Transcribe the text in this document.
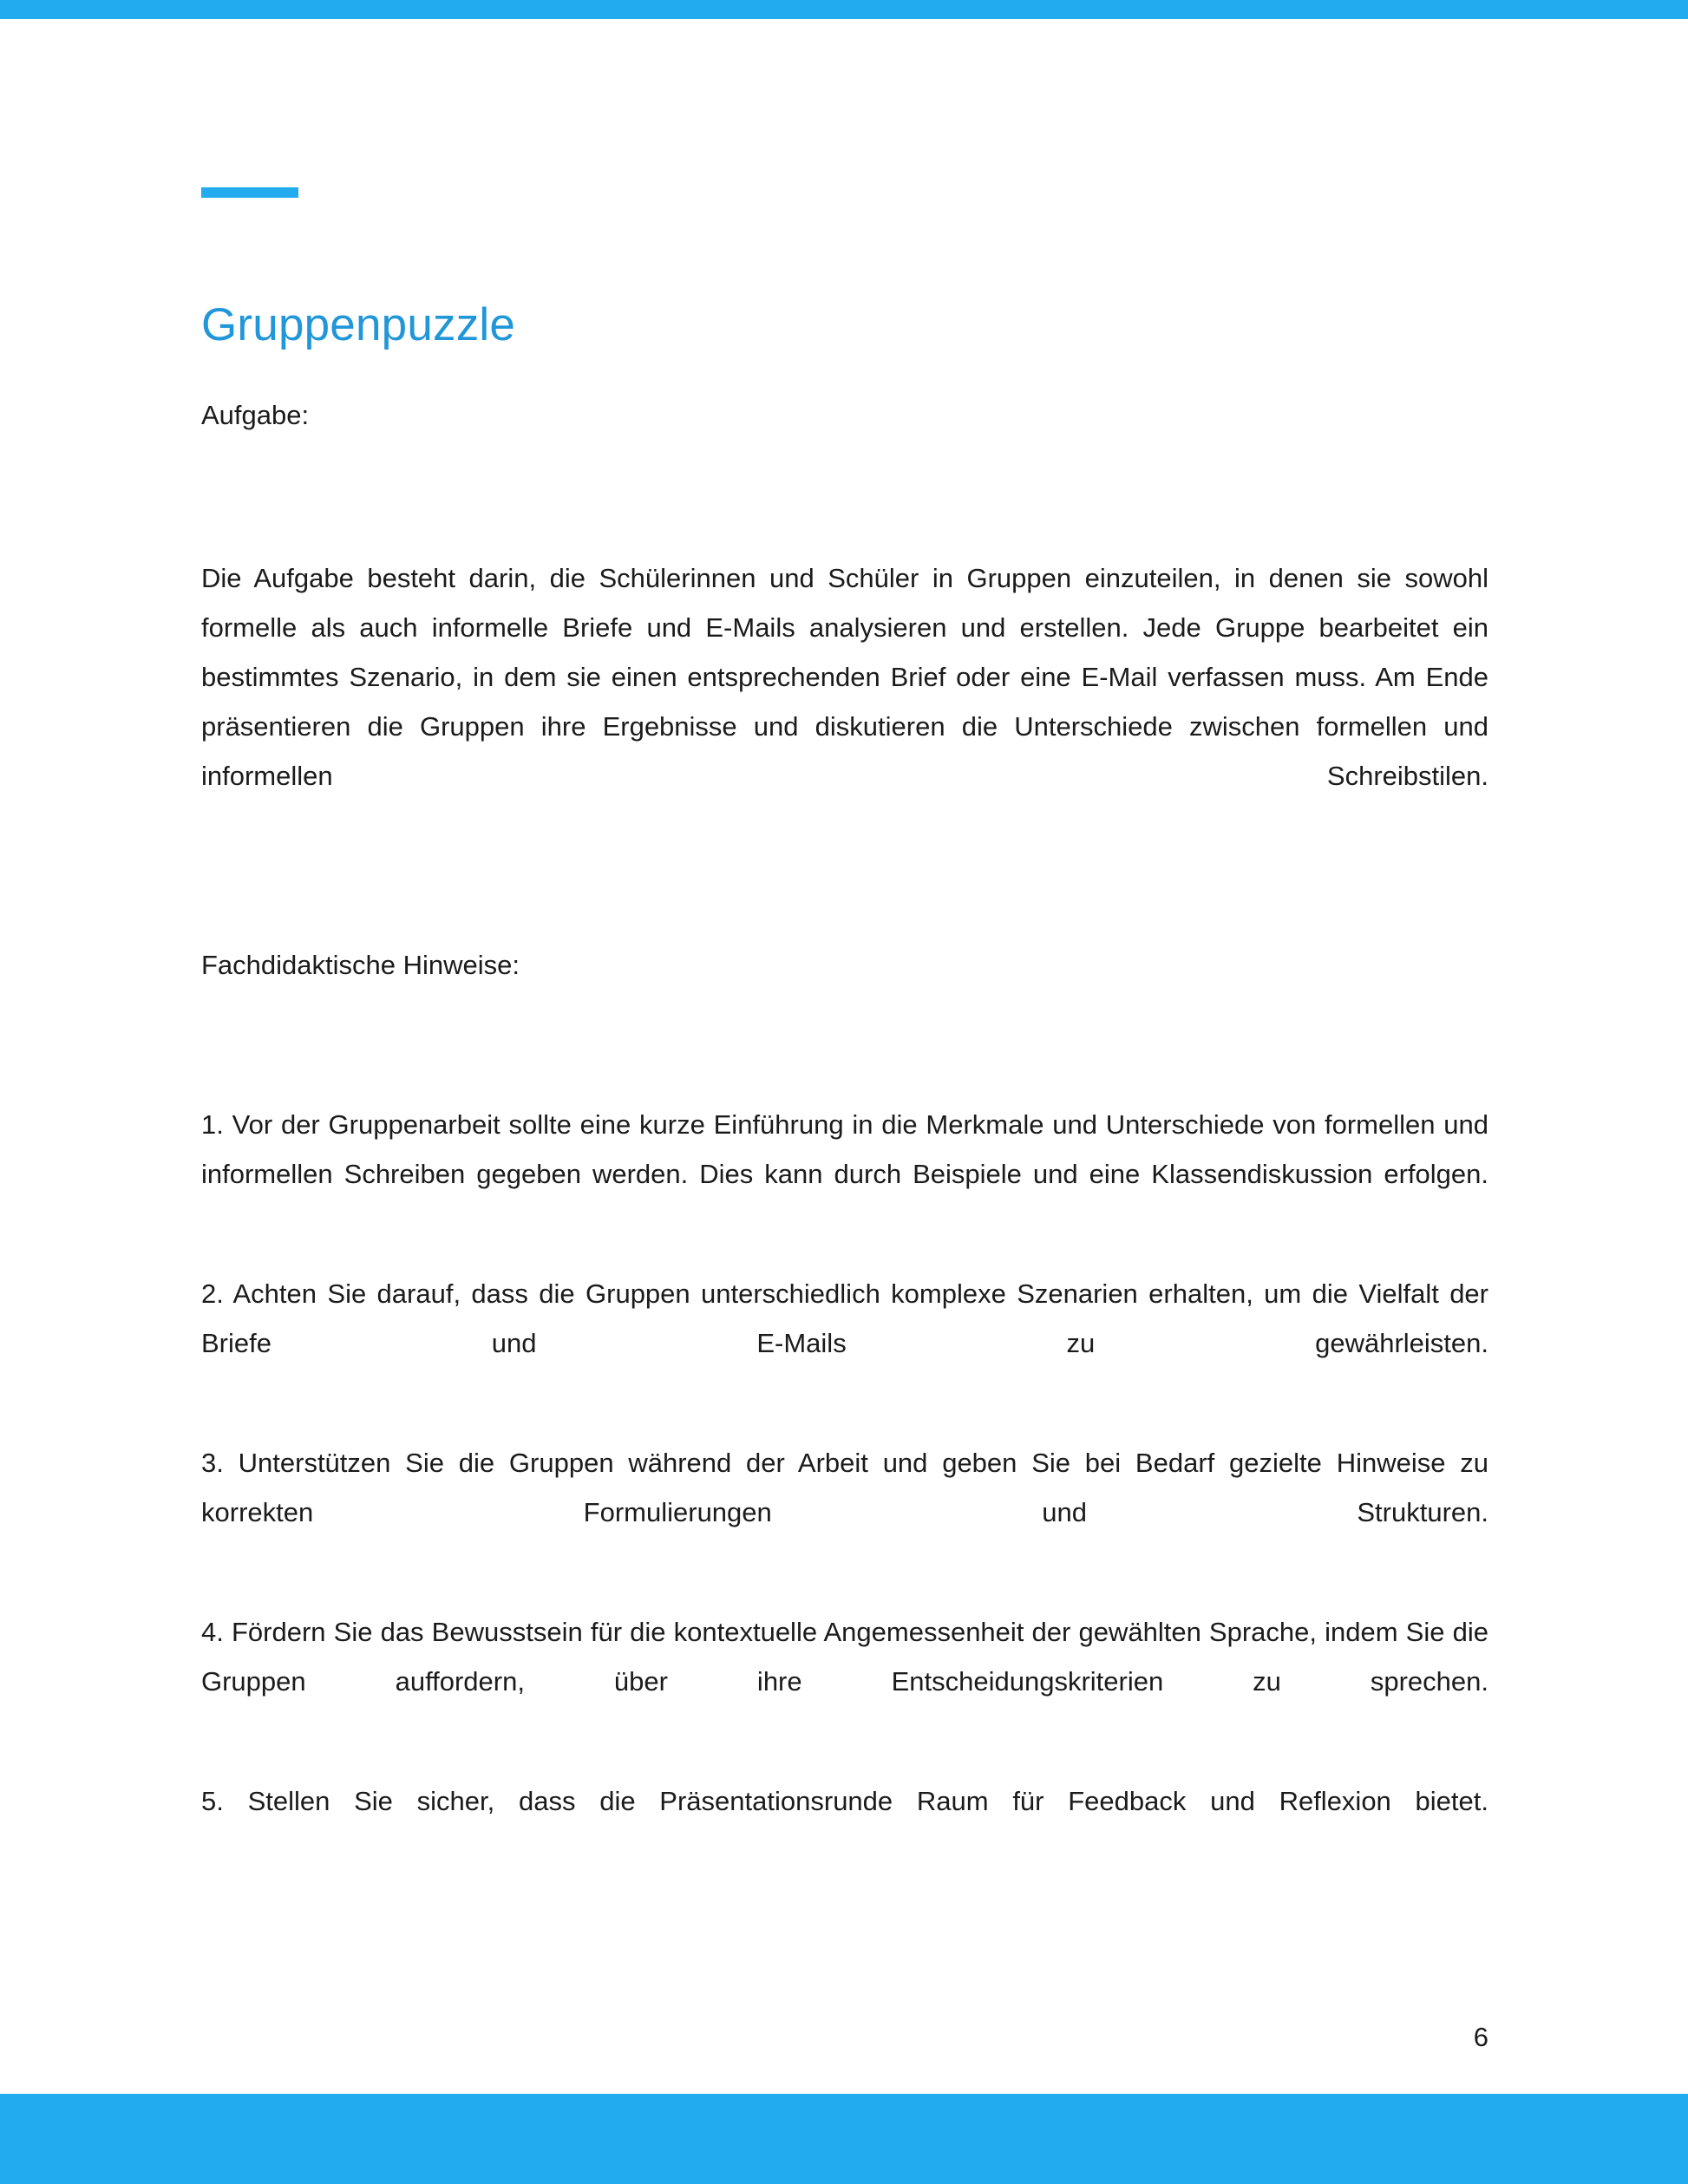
Gruppenpuzzle

Aufgabe:

Die Aufgabe besteht darin, die Schülerinnen und Schüler in Gruppen einzuteilen, in denen sie sowohl formelle als auch informelle Briefe und E-Mails analysieren und erstellen. Jede Gruppe bearbeitet ein bestimmtes Szenario, in dem sie einen entsprechenden Brief oder eine E-Mail verfassen muss. Am Ende präsentieren die Gruppen ihre Ergebnisse und diskutieren die Unterschiede zwischen formellen und informellen Schreibstilen.

Fachdidaktische Hinweise:

1. Vor der Gruppenarbeit sollte eine kurze Einführung in die Merkmale und Unterschiede von formellen und informellen Schreiben gegeben werden. Dies kann durch Beispiele und eine Klassendiskussion erfolgen.
2. Achten Sie darauf, dass die Gruppen unterschiedlich komplexe Szenarien erhalten, um die Vielfalt der Briefe und E-Mails zu gewährleisten.
3. Unterstützen Sie die Gruppen während der Arbeit und geben Sie bei Bedarf gezielte Hinweise zu korrekten Formulierungen und Strukturen.
4. Fördern Sie das Bewusstsein für die kontextuelle Angemessenheit der gewählten Sprache, indem Sie die Gruppen auffordern, über ihre Entscheidungskriterien zu sprechen.
5. Stellen Sie sicher, dass die Präsentationsrunde Raum für Feedback und Reflexion bietet.

6
